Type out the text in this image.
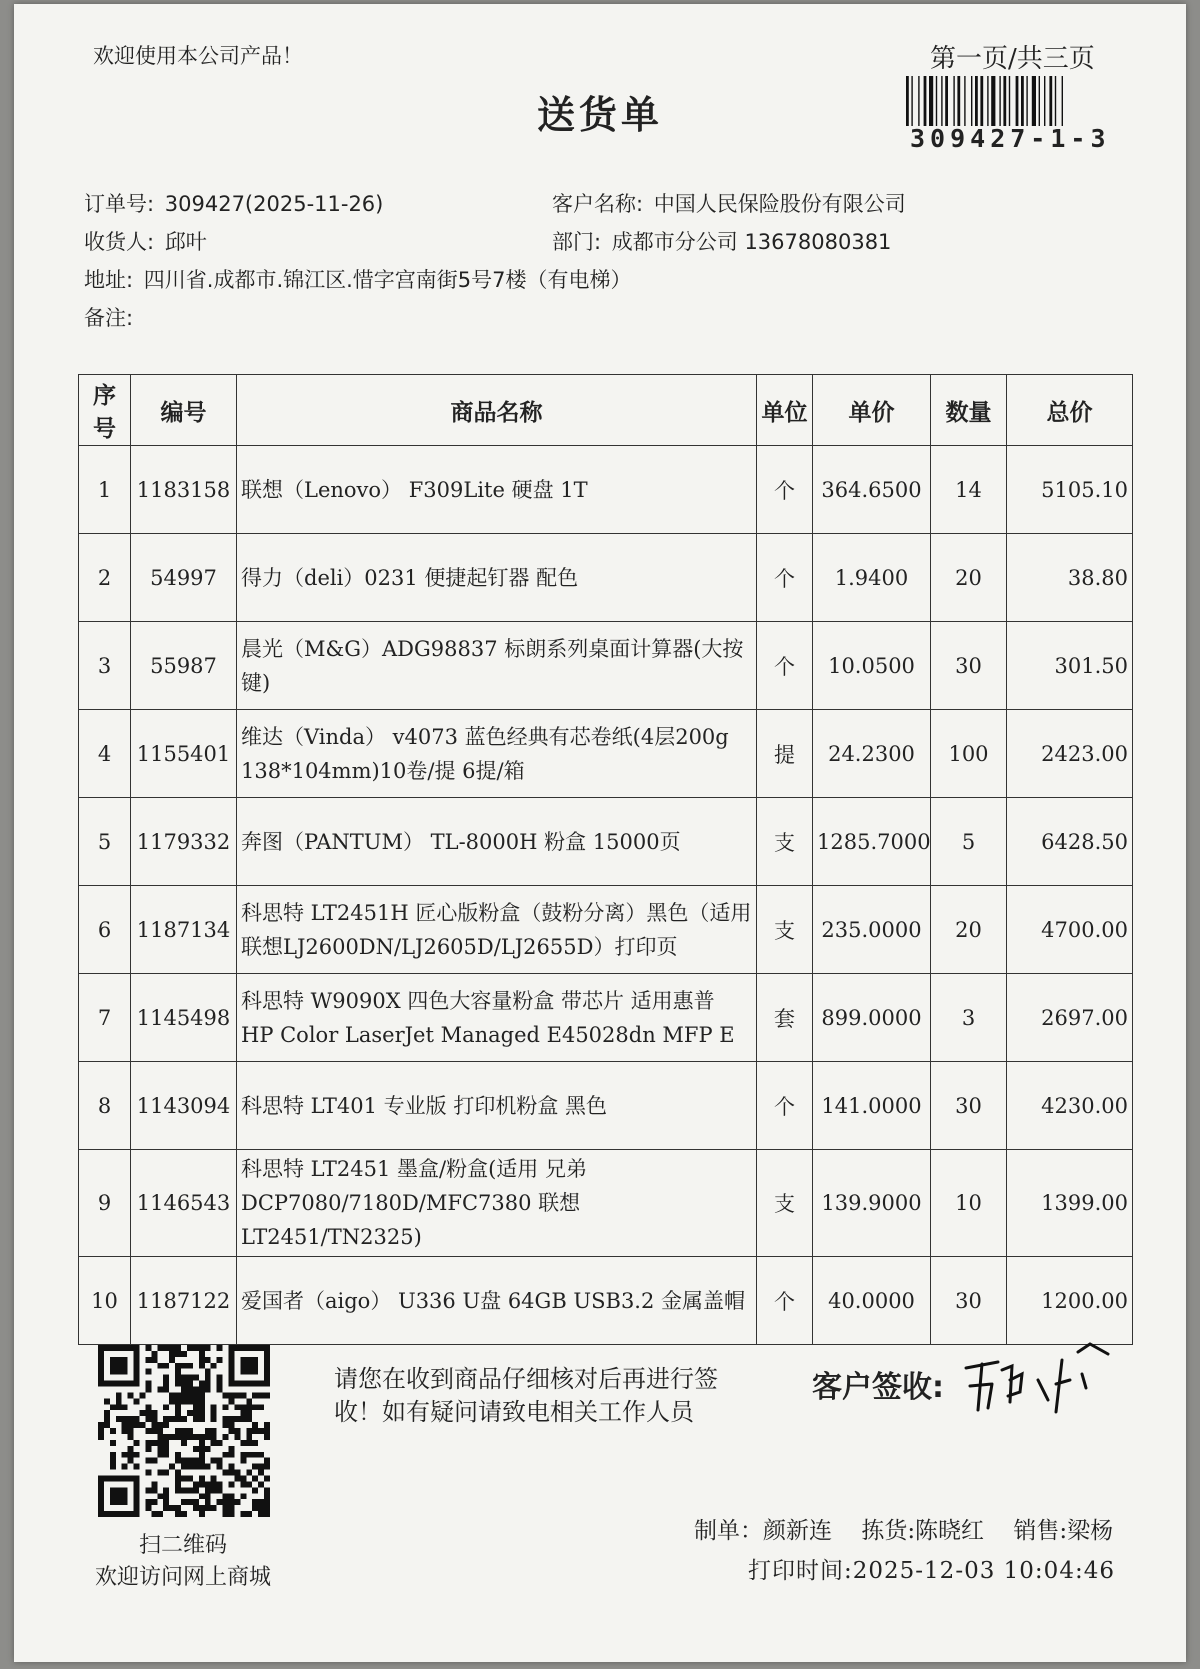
欢迎使用本公司产品！	第一页/共三页
送货单
309427-1-3
订单号: 309427(2025-11-26)	客户名称: 中国人民保险股份有限公司
收货人: 邱叶	部门: 成都市分公司 13678080381
地址: 四川省.成都市.锦江区.惜字宫南街5号7楼（有电梯）
备注:
序号	编号	商品名称	单位	单价	数量	总价
1	1183158	联想（Lenovo） F309Lite 硬盘 1T	个	364.6500	14	5105.10
2	54997	得力（deli）0231 便捷起钉器 配色	个	1.9400	20	38.80
3	55987	晨光（M&G）ADG98837 标朗系列桌面计算器(大按键)	个	10.0500	30	301.50
4	1155401	维达（Vinda） v4073 蓝色经典有芯卷纸(4层200g 138*104mm)10卷/提 6提/箱	提	24.2300	100	2423.00
5	1179332	奔图（PANTUM） TL-8000H 粉盒 15000页	支	1285.7000	5	6428.50
6	1187134	科思特 LT2451H 匠心版粉盒（鼓粉分离）黑色（适用联想LJ2600DN/LJ2605D/LJ2655D）打印页	支	235.0000	20	4700.00
7	1145498	科思特 W9090X 四色大容量粉盒 带芯片 适用惠普 HP Color LaserJet Managed E45028dn MFP E	套	899.0000	3	2697.00
8	1143094	科思特 LT401 专业版 打印机粉盒 黑色	个	141.0000	30	4230.00
9	1146543	科思特 LT2451 墨盒/粉盒(适用 兄弟 DCP7080/7180D/MFC7380 联想LT2451/TN2325)	支	139.9000	10	1399.00
10	1187122	爱国者（aigo） U336 U盘 64GB USB3.2 金属盖帽	个	40.0000	30	1200.00
扫二维码
欢迎访问网上商城
请您在收到商品仔细核对后再进行签收！如有疑问请致电相关工作人员
客户签收:
制单：颜新连 拣货:陈晓红 销售:梁杨
打印时间:2025-12-03 10:04:46
